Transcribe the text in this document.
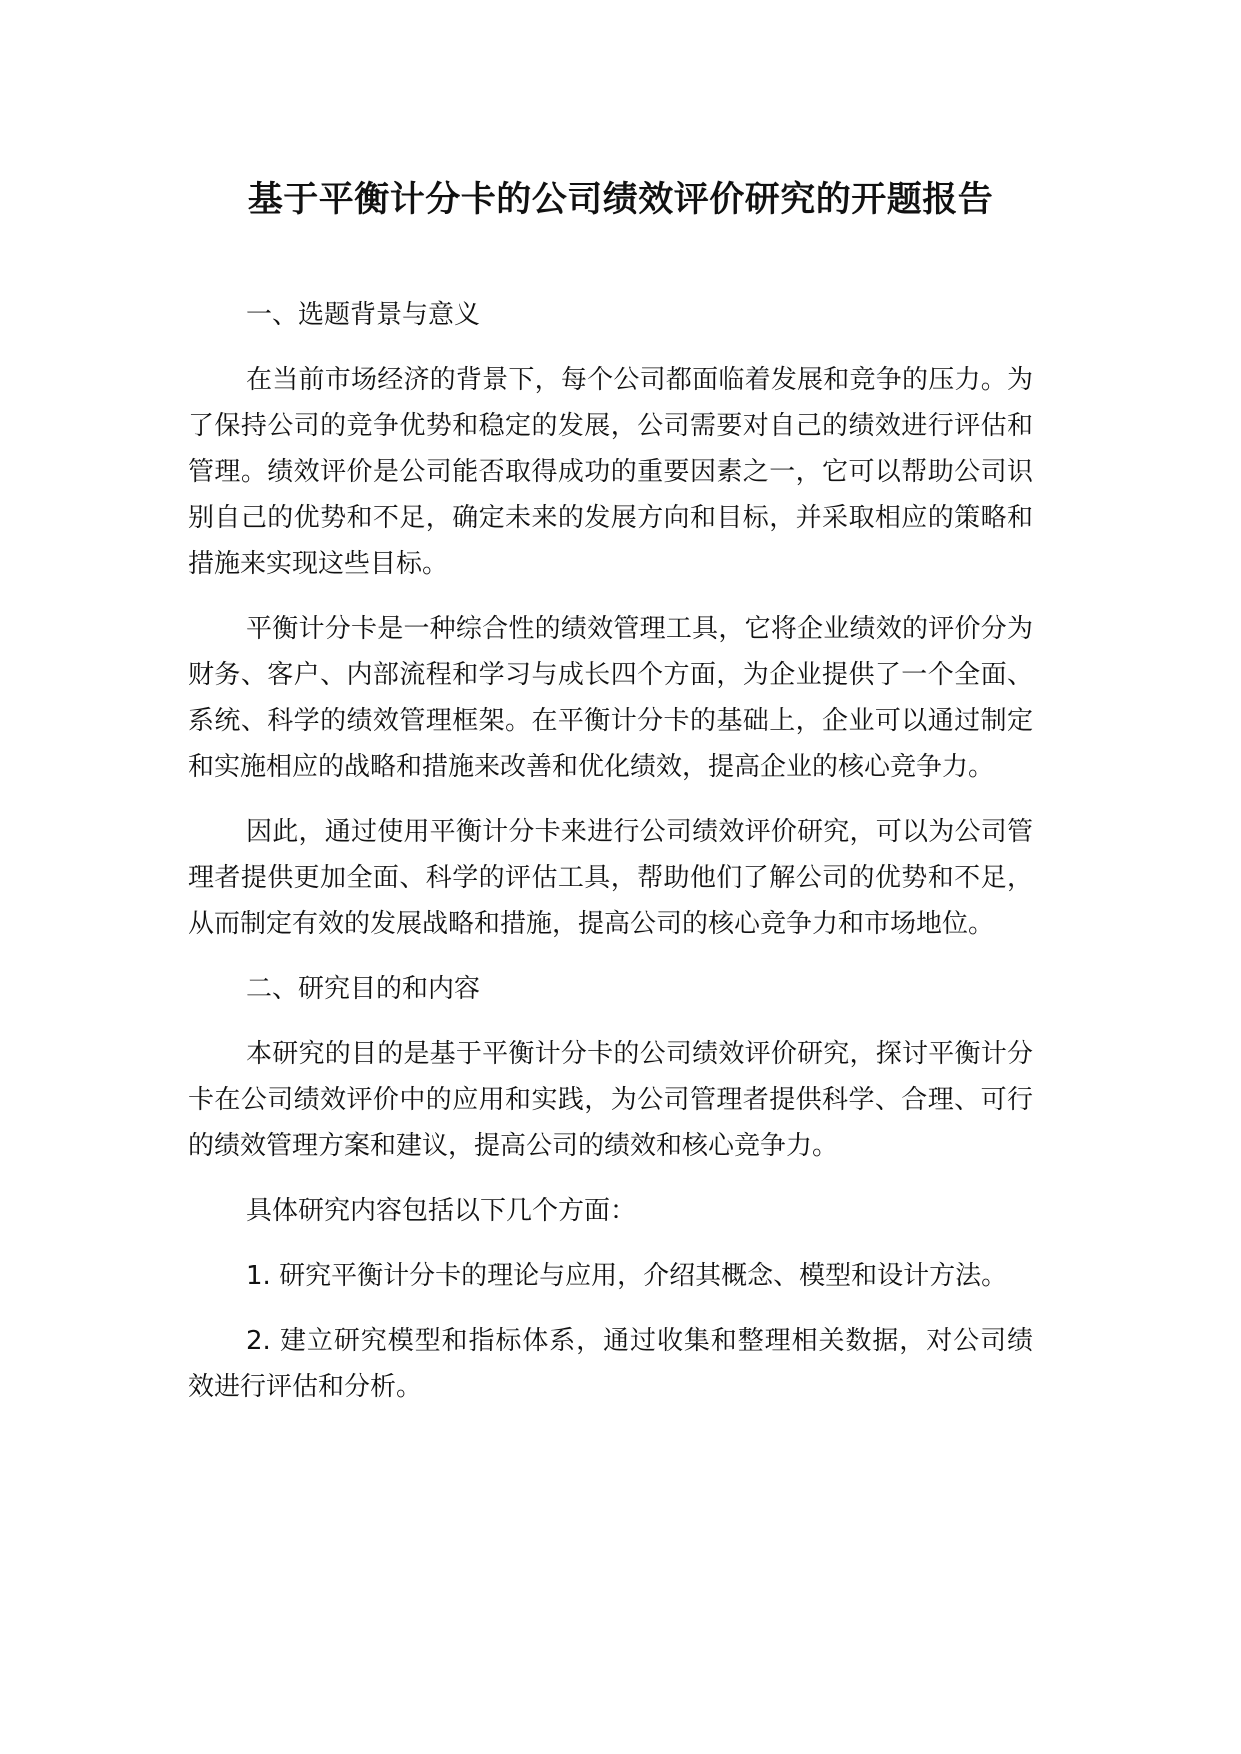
基于平衡计分卡的公司绩效评价研究的开题报告

一、选题背景与意义

在当前市场经济的背景下，每个公司都面临着发展和竞争的压力。为了保持公司的竞争优势和稳定的发展，公司需要对自己的绩效进行评估和管理。绩效评价是公司能否取得成功的重要因素之一，它可以帮助公司识别自己的优势和不足，确定未来的发展方向和目标，并采取相应的策略和措施来实现这些目标。

平衡计分卡是一种综合性的绩效管理工具，它将企业绩效的评价分为财务、客户、内部流程和学习与成长四个方面，为企业提供了一个全面、系统、科学的绩效管理框架。在平衡计分卡的基础上，企业可以通过制定和实施相应的战略和措施来改善和优化绩效，提高企业的核心竞争力。

因此，通过使用平衡计分卡来进行公司绩效评价研究，可以为公司管理者提供更加全面、科学的评估工具，帮助他们了解公司的优势和不足，从而制定有效的发展战略和措施，提高公司的核心竞争力和市场地位。

二、研究目的和内容

本研究的目的是基于平衡计分卡的公司绩效评价研究，探讨平衡计分卡在公司绩效评价中的应用和实践，为公司管理者提供科学、合理、可行的绩效管理方案和建议，提高公司的绩效和核心竞争力。

具体研究内容包括以下几个方面：

1. 研究平衡计分卡的理论与应用，介绍其概念、模型和设计方法。

2. 建立研究模型和指标体系，通过收集和整理相关数据，对公司绩效进行评估和分析。
